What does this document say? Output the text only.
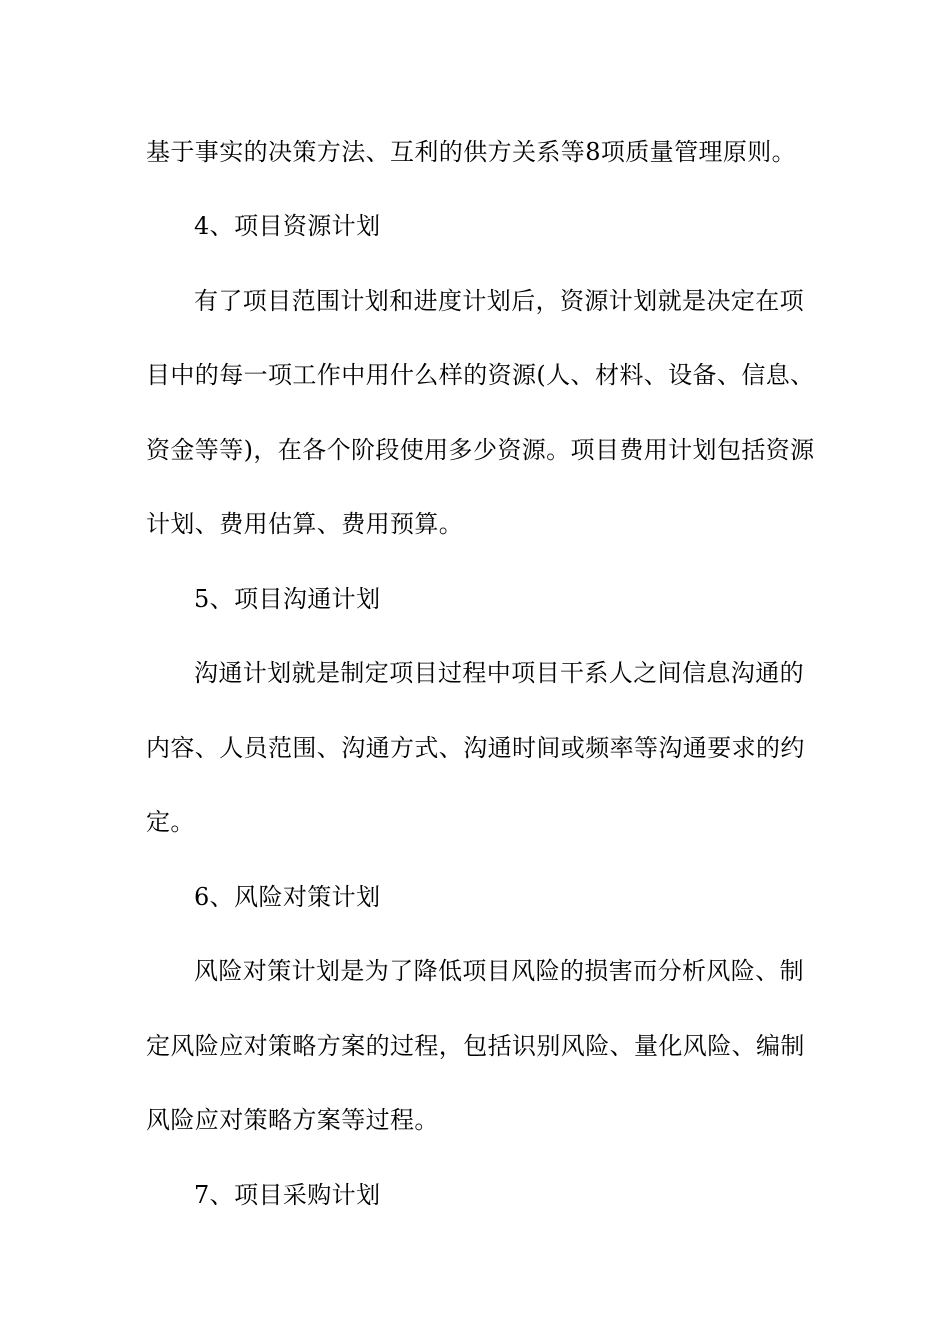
基于事实的决策方法、互利的供方关系等8项质量管理原则。
4、项目资源计划
有了项目范围计划和进度计划后，资源计划就是决定在项
目中的每一项工作中用什么样的资源(人、材料、设备、信息、
资金等等)，在各个阶段使用多少资源。项目费用计划包括资源
计划、费用估算、费用预算。
5、项目沟通计划
沟通计划就是制定项目过程中项目干系人之间信息沟通的
内容、人员范围、沟通方式、沟通时间或频率等沟通要求的约
定。
6、风险对策计划
风险对策计划是为了降低项目风险的损害而分析风险、制
定风险应对策略方案的过程，包括识别风险、量化风险、编制
风险应对策略方案等过程。
7、项目采购计划
